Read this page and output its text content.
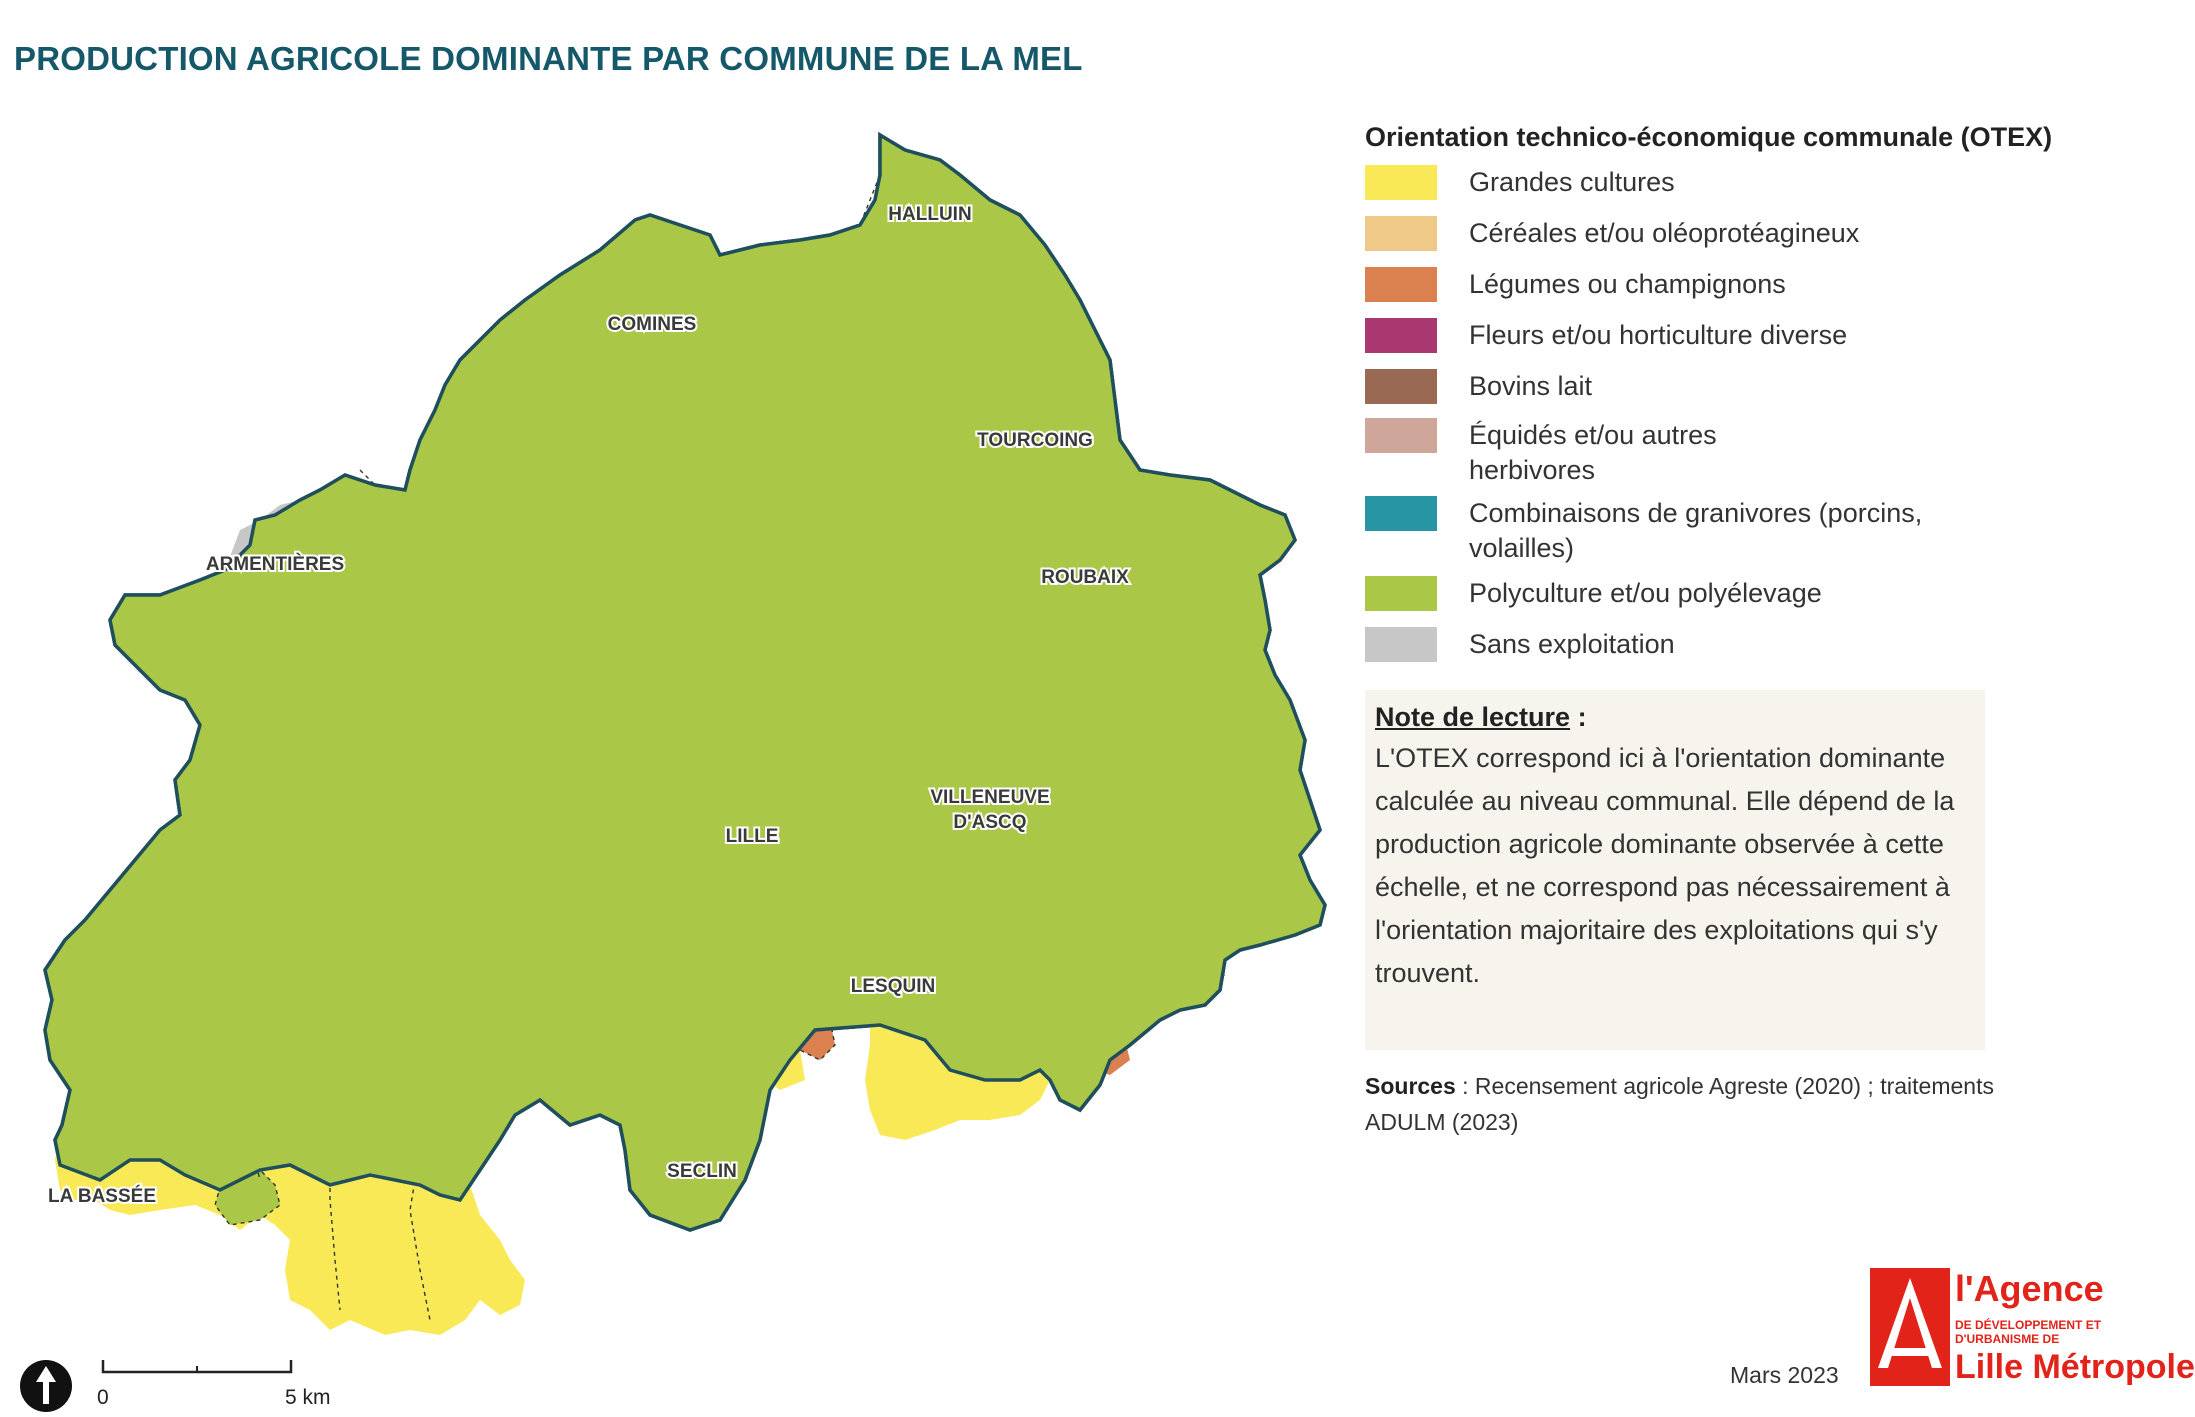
PRODUCTION AGRICOLE DOMINANTE PAR COMMUNE DE LA MEL
HALLUIN
COMINES
TOURCOING
ARMENTIÈRES
ROUBAIX
VILLENEUVE
D'ASCQ
LILLE
LESQUIN
SECLIN
LA BASSÉE
0	5 km
Orientation technico-économique communale (OTEX)
Grandes cultures
Céréales et/ou oléoprotéagineux
Légumes ou champignons
Fleurs et/ou horticulture diverse
Bovins lait
Équidés et/ou autres herbivores
Combinaisons de granivores (porcins, volailles)
Polyculture et/ou polyélevage
Sans exploitation
Note de lecture :
L'OTEX correspond ici à l'orientation dominante calculée au niveau communal. Elle dépend de la production agricole dominante observée à cette échelle, et ne correspond pas nécessairement à l'orientation majoritaire des exploitations qui s'y trouvent.
Sources : Recensement agricole Agreste (2020) ; traitements ADULM (2023)
Mars 2023
l'Agence
DE DÉVELOPPEMENT ET D'URBANISME DE
Lille Métropole
